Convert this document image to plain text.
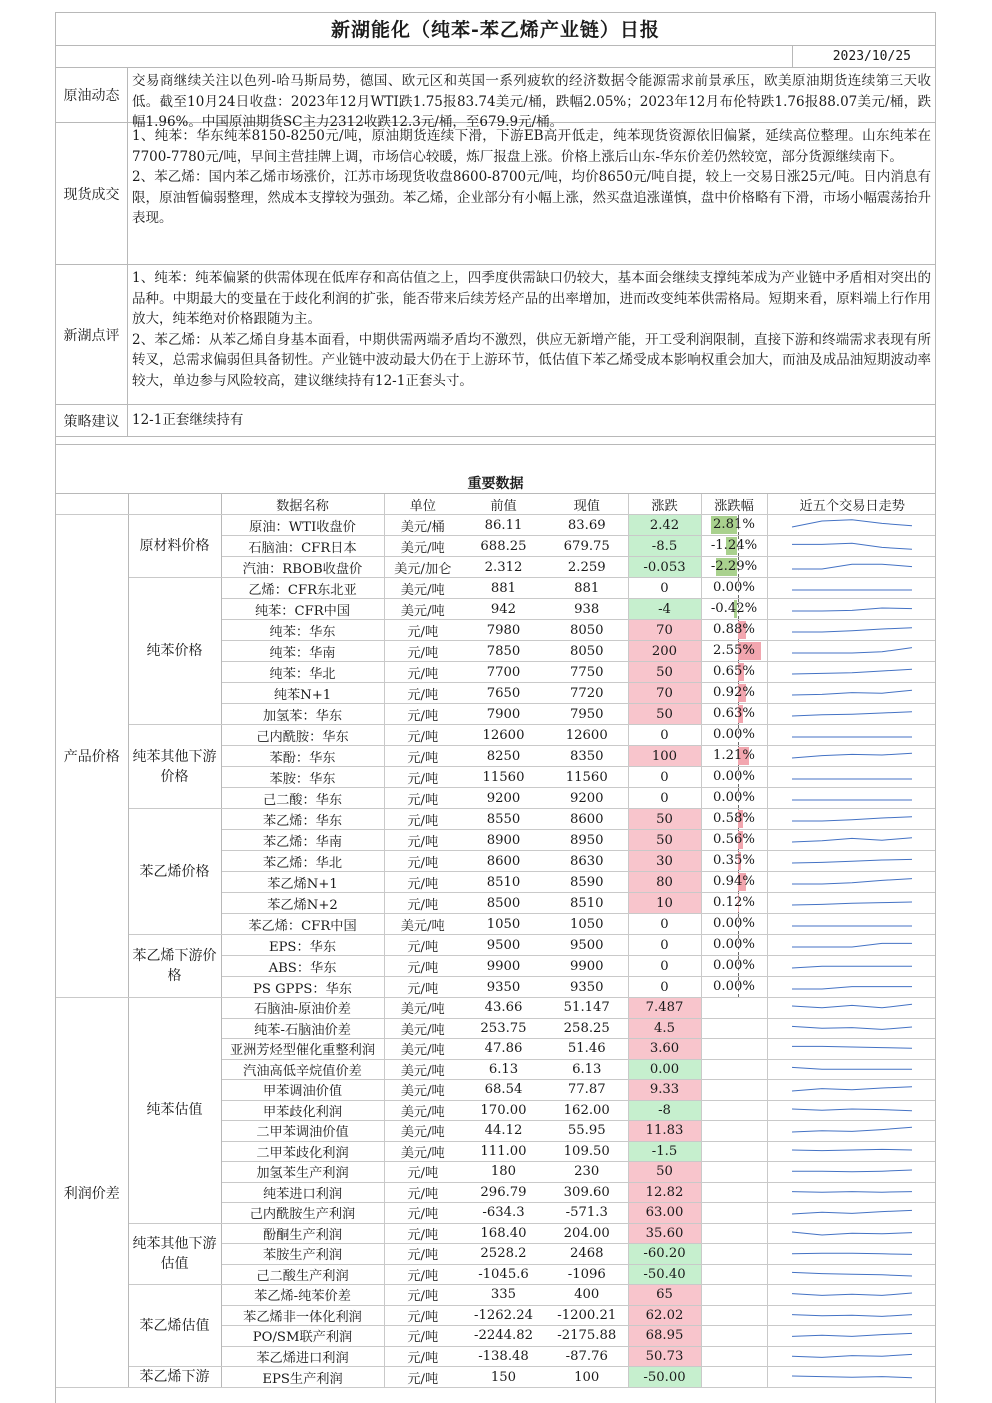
新湖能化（纯苯-苯乙烯产业链）日报
2023/10/25
原油动态

交易商继续关注以色列-哈马斯局势，德国、欧元区和英国一系列疲软的经济数据令能源需求前景承压，欧美原油期货连续第三天收低。截至10月24日收盘：2023年12月WTI跌1.75报83.74美元/桶，跌幅2.05%；2023年12月布伦特跌1.76报88.07美元/桶，跌幅1.96%。中国原油期货SC主力2312收跌12.3元/桶，至679.9元/桶。

现货成交

1、纯苯：华东纯苯8150-8250元/吨，原油期货连续下滑，下游EB高开低走，纯苯现货资源依旧偏紧，延续高位整理。山东纯苯在7700-7780元/吨，早间主营挂牌上调，市场信心较暖，炼厂报盘上涨。价格上涨后山东-华东价差仍然较宽，部分货源继续南下。

2、苯乙烯：国内苯乙烯市场涨价，江苏市场现货收盘8600-8700元/吨，均价8650元/吨自提，较上一交易日涨25元/吨。日内消息有限，原油暂偏弱整理，然成本支撑较为强劲。苯乙烯，企业部分有小幅上涨，然买盘追涨谨慎，盘中价格略有下滑，市场小幅震荡抬升表现。

新湖点评

1、纯苯：纯苯偏紧的供需体现在低库存和高估值之上，四季度供需缺口仍较大，基本面会继续支撑纯苯成为产业链中矛盾相对突出的品种。中期最大的变量在于歧化利润的扩张，能否带来后续芳烃产品的出率增加，进而改变纯苯供需格局。短期来看，原料端上行作用放大，纯苯绝对价格跟随为主。

2、苯乙烯：从苯乙烯自身基本面看，中期供需两端矛盾均不激烈，供应无新增产能，开工受利润限制，直接下游和终端需求表现有所转叉，总需求偏弱但具备韧性。产业链中波动最大仍在于上游环节，低估值下苯乙烯受成本影响权重会加大，而油及成品油短期波动率较大，单边参与风险较高，建议继续持有12-1正套头寸。

策略建议 12-1正套继续持有

重要数据
		数据名称	单位	前值	现值	涨跌	涨跌幅	近五个交易日走势
产品价格	原材料价格	原油：WTI收盘价	美元/桶	86.11	83.69	2.42	2.81%

		石脑油：CFR日本	美元/吨	688.25	679.75	-8.5	-1.24%

		汽油：RBOB收盘价	美元/加仑	2.312	2.259	-0.053	-2.29%

	纯苯价格	乙烯：CFR东北亚	美元/吨	881	881	0	0.00%

		纯苯：CFR中国	美元/吨	942	938	-4	-0.42%

		纯苯：华东	元/吨	7980	8050	70	0.88%

		纯苯：华南	元/吨	7850	8050	200	2.55%

		纯苯：华北	元/吨	7700	7750	50	0.65%

		纯苯N+1	元/吨	7650	7720	70	0.92%

		加氢苯：华东	元/吨	7900	7950	50	0.63%

	纯苯其他下游价格	己内酰胺：华东	元/吨	12600	12600	0	0.00%

		苯酚：华东	元/吨	8250	8350	100	1.21%

		苯胺：华东	元/吨	11560	11560	0	0.00%

		己二酸：华东	元/吨	9200	9200	0	0.00%

	苯乙烯价格	苯乙烯：华东	元/吨	8550	8600	50	0.58%

		苯乙烯：华南	元/吨	8900	8950	50	0.56%

		苯乙烯：华北	元/吨	8600	8630	30	0.35%

		苯乙烯N+1	元/吨	8510	8590	80	0.94%

		苯乙烯N+2	元/吨	8500	8510	10	0.12%

		苯乙烯：CFR中国	美元/吨	1050	1050	0	0.00%

	苯乙烯下游价格	EPS：华东	元/吨	9500	9500	0	0.00%

		ABS：华东	元/吨	9900	9900	0	0.00%

		PS GPPS：华东	元/吨	9350	9350	0	0.00%

利润价差	纯苯估值	石脑油-原油价差	美元/吨	43.66	51.147	7.487		

		纯苯-石脑油价差	美元/吨	253.75	258.25	4.5		

		亚洲芳烃型催化重整利润	美元/吨	47.86	51.46	3.60		

		汽油高低辛烷值价差	美元/吨	6.13	6.13	0.00		

		甲苯调油价值	美元/吨	68.54	77.87	9.33		

		甲苯歧化利润	美元/吨	170.00	162.00	-8		

		二甲苯调油价值	美元/吨	44.12	55.95	11.83		

		二甲苯歧化利润	美元/吨	111.00	109.50	-1.5		

		加氢苯生产利润	元/吨	180	230	50		

		纯苯进口利润	元/吨	296.79	309.60	12.82		

		己内酰胺生产利润	元/吨	-634.3	-571.3	63.00		

	纯苯其他下游估值	酚酮生产利润	元/吨	168.40	204.00	35.60		

		苯胺生产利润	元/吨	2528.2	2468	-60.20		

		己二酸生产利润	元/吨	-1045.6	-1096	-50.40		

	苯乙烯估值	苯乙烯-纯苯价差	元/吨	335	400	65		

		苯乙烯非一体化利润	元/吨	-1262.24	-1200.21	62.02		

		PO/SM联产利润	元/吨	-2244.82	-2175.88	68.95		

		苯乙烯进口利润	元/吨	-138.48	-87.76	50.73		

	苯乙烯下游	EPS生产利润	元/吨	150	100	-50.00		
